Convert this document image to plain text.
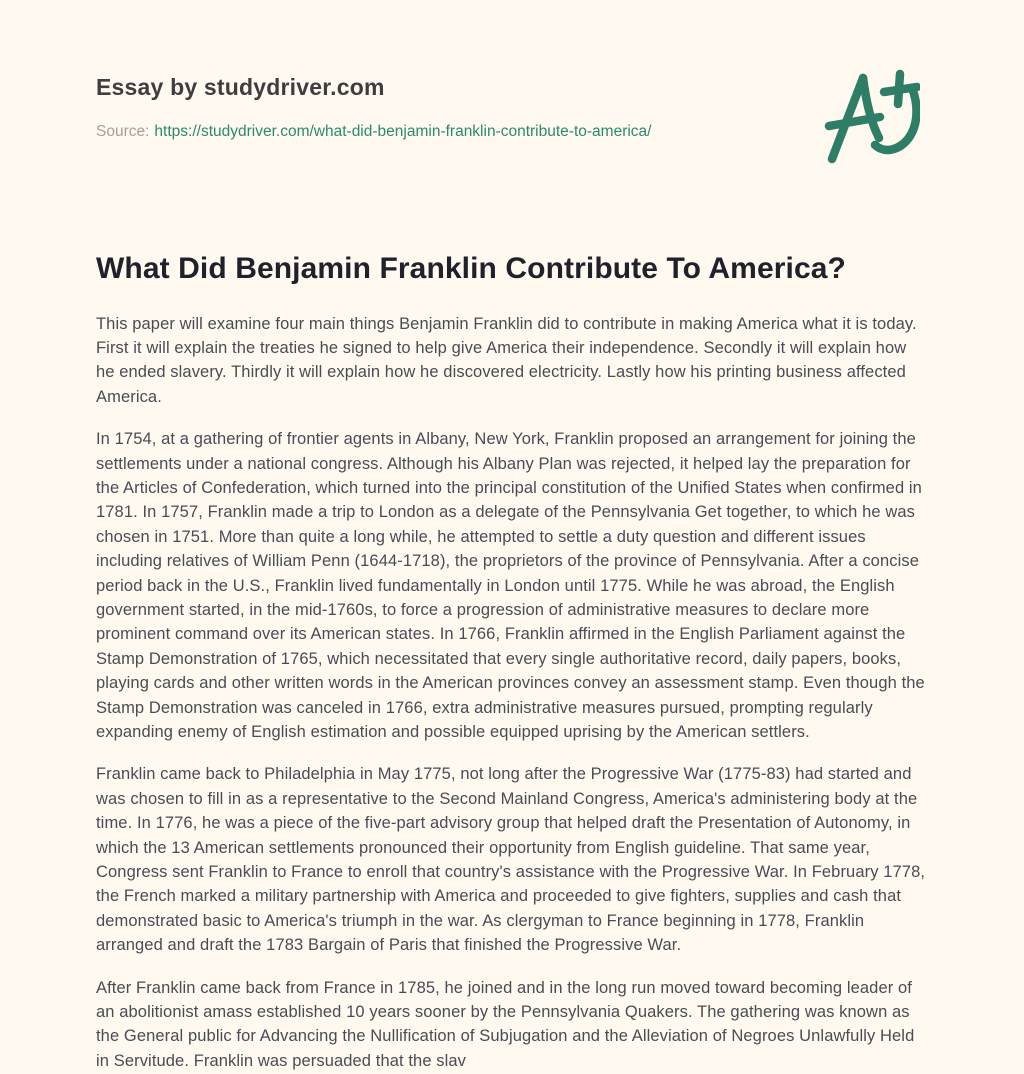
Essay by studydriver.com
Source: https://studydriver.com/what-did-benjamin-franklin-contribute-to-america/
What Did Benjamin Franklin Contribute To America?

This paper will examine four main things Benjamin Franklin did to contribute in making America what it is today. First it will explain the treaties he signed to help give America their independence. Secondly it will explain how he ended slavery. Thirdly it will explain how he discovered electricity. Lastly how his printing business affected America.

In 1754, at a gathering of frontier agents in Albany, New York, Franklin proposed an arrangement for joining the settlements under a national congress. Although his Albany Plan was rejected, it helped lay the preparation for the Articles of Confederation, which turned into the principal constitution of the Unified States when confirmed in 1781. In 1757, Franklin made a trip to London as a delegate of the Pennsylvania Get together, to which he was chosen in 1751. More than quite a long while, he attempted to settle a duty question and different issues including relatives of William Penn (1644-1718), the proprietors of the province of Pennsylvania. After a concise period back in the U.S., Franklin lived fundamentally in London until 1775. While he was abroad, the English government started, in the mid-1760s, to force a progression of administrative measures to declare more prominent command over its American states. In 1766, Franklin affirmed in the English Parliament against the Stamp Demonstration of 1765, which necessitated that every single authoritative record, daily papers, books, playing cards and other written words in the American provinces convey an assessment stamp. Even though the Stamp Demonstration was canceled in 1766, extra administrative measures pursued, prompting regularly expanding enemy of English estimation and possible equipped uprising by the American settlers.

Franklin came back to Philadelphia in May 1775, not long after the Progressive War (1775-83) had started and was chosen to fill in as a representative to the Second Mainland Congress, America's administering body at the time. In 1776, he was a piece of the five-part advisory group that helped draft the Presentation of Autonomy, in which the 13 American settlements pronounced their opportunity from English guideline. That same year, Congress sent Franklin to France to enroll that country's assistance with the Progressive War. In February 1778, the French marked a military partnership with America and proceeded to give fighters, supplies and cash that demonstrated basic to America's triumph in the war. As clergyman to France beginning in 1778, Franklin arranged and draft the 1783 Bargain of Paris that finished the Progressive War.

After Franklin came back from France in 1785, he joined and in the long run moved toward becoming leader of an abolitionist amass established 10 years sooner by the Pennsylvania Quakers. The gathering was known as the General public for Advancing the Nullification of Subjugation and the Alleviation of Negroes Unlawfully Held in Servitude. Franklin was persuaded that the slav
